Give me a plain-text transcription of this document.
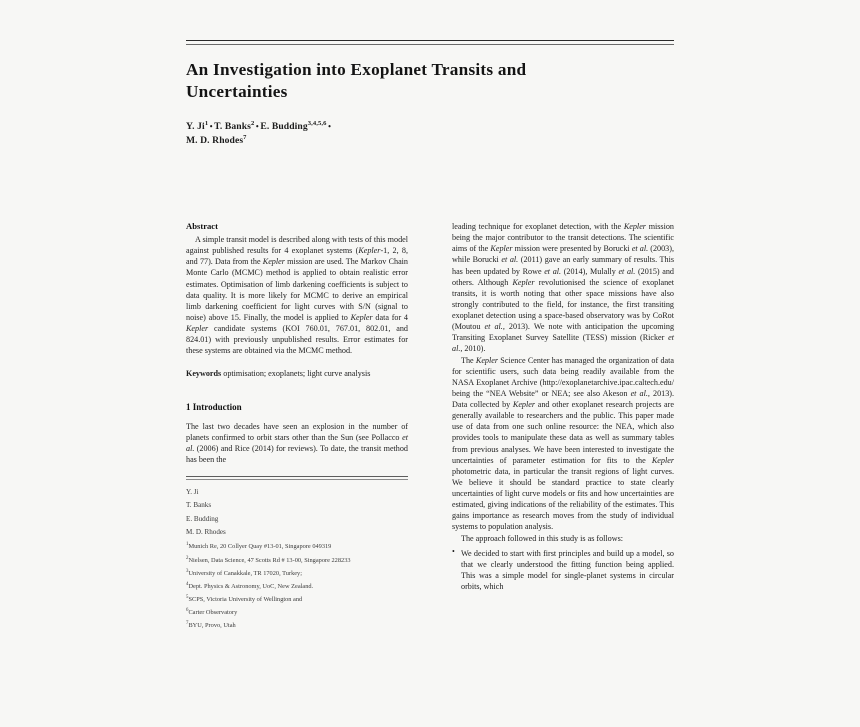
An Investigation into Exoplanet Transits and Uncertainties
Y. Ji$^1$ • T. Banks$^2$ • E. Budding$^{3,4,5,6}$ •
M. D. Rhodes$^7$
Abstract

A simple transit model is described along with tests of this model against published results for 4 exoplanet systems (Kepler-1, 2, 8, and 77). Data from the Kepler mission are used. The Markov Chain Monte Carlo (MCMC) method is applied to obtain realistic error estimates. Optimisation of limb darkening coefficients is subject to data quality. It is more likely for MCMC to derive an empirical limb darkening coefficient for light curves with S/N (signal to noise) above 15. Finally, the model is applied to Kepler data for 4 Kepler candidate systems (KOI 760.01, 767.01, 802.01, and 824.01) with previously unpublished results. Error estimates for these systems are obtained via the MCMC method.

Keywords optimisation; exoplanets; light curve analysis
1 Introduction

The last two decades have seen an explosion in the number of planets confirmed to orbit stars other than the Sun (see Pollacco et al. (2006) and Rice (2014) for reviews). To date, the transit method has been the

Y. Ji
T. Banks
E. Budding
M. D. Rhodes
$^1$Munich Re, 20 Collyer Quay #13-01, Singapore 049319
$^2$Nielsen, Data Science, 47 Scotts Rd # 13-00, Singapore 228233
$^3$University of Canakkale, TR 17020, Turkey;
$^4$Dept. Physics & Astronomy, UoC, New Zealand.
$^5$SCPS, Victoria University of Wellington and
$^6$Carter Observatory
$^7$BYU, Provo, Utah

leading technique for exoplanet detection, with the Kepler mission being the major contributor to the transit detections. The scientific aims of the Kepler mission were presented by Borucki et al. (2003), while Borucki et al. (2011) gave an early summary of results. This has been updated by Rowe et al. (2014), Mulally et al. (2015) and others. Although Kepler revolutionised the science of exoplanet transits, it is worth noting that other space missions have also strongly contributed to the field, for instance, the first transiting exoplanet detection using a space-based observatory was by CoRot (Moutou et al., 2013). We note with anticipation the upcoming Transiting Exoplanet Survey Satellite (TESS) mission (Ricker et al., 2010).

The Kepler Science Center has managed the organization of data for scientific users, such data being readily available from the NASA Exoplanet Archive (http://exoplanetarchive.ipac.caltech.edu/ being the “NEA Website” or NEA; see also Akeson et al., 2013). Data collected by Kepler and other exoplanet research projects are generally available to researchers and the public. This paper made use of data from one such online resource: the NEA, which also provides tools to manipulate these data as well as summary tables from previous analyses. We have been interested to investigate the uncertainties of parameter estimation for fits to the Kepler photometric data, in particular the transit regions of light curves. We believe it should be standard practice to state clearly uncertainties of light curve models or fits and how uncertainties are estimated, giving indications of the reliability of the estimates. This gains importance as research moves from the study of individual systems to population analysis.

The approach followed in this study is as follows:

• We decided to start with first principles and build up a model, so that we clearly understood the fitting function being applied. This was a simple model for single-planet systems in circular orbits, which
